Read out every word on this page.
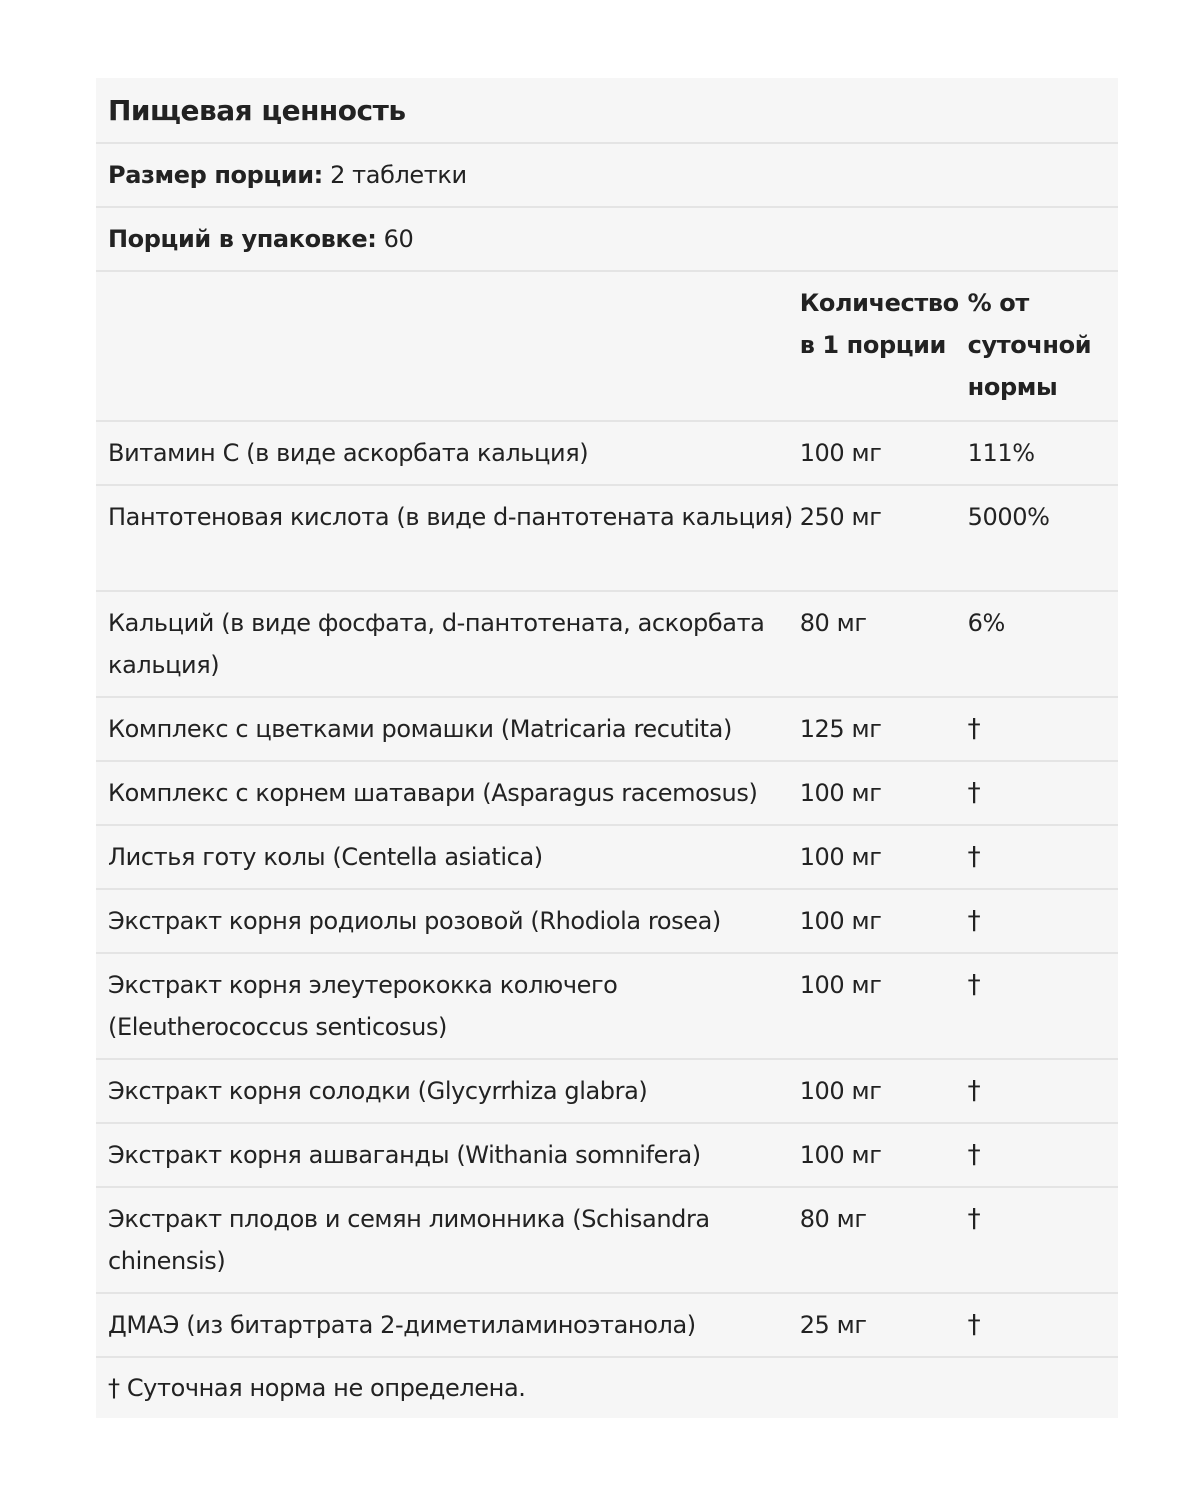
Пищевая ценность
Размер порции:
2 таблетки
Порций в упаковке:
60
Количество
в 1 порции
% от
суточной
нормы
Витамин C (в виде аскорбата кальция)	100 мг	111%
Пантотеновая кислота (в виде d-пантотената кальция) 250 мг	5000%
Кальций (в виде фосфата, d-пантотената, аскорбата кальция)
80 мг	6%
Комплекс с цветками ромашки (Matricaria recutita)	125 мг	†
Комплекс с корнем шатавари (Asparagus racemosus)	100 мг	†
Листья готу колы (Centella asiatica)	100 мг	†
Экстракт корня родиолы розовой (Rhodiola rosea)	100 мг	†
Экстракт корня элеутерококка колючего (Eleutherococcus senticosus)
100 мг	†
Экстракт корня солодки (Glycyrrhiza glabra)	100 мг	†
Экстракт корня ашваганды (Withania somnifera)	100 мг	†
Экстракт плодов и семян лимонника (Schisandra chinensis)
80 мг	†
ДМАЭ (из битартрата 2-диметиламиноэтанола)	25 мг	†
† Суточная норма не определена.
